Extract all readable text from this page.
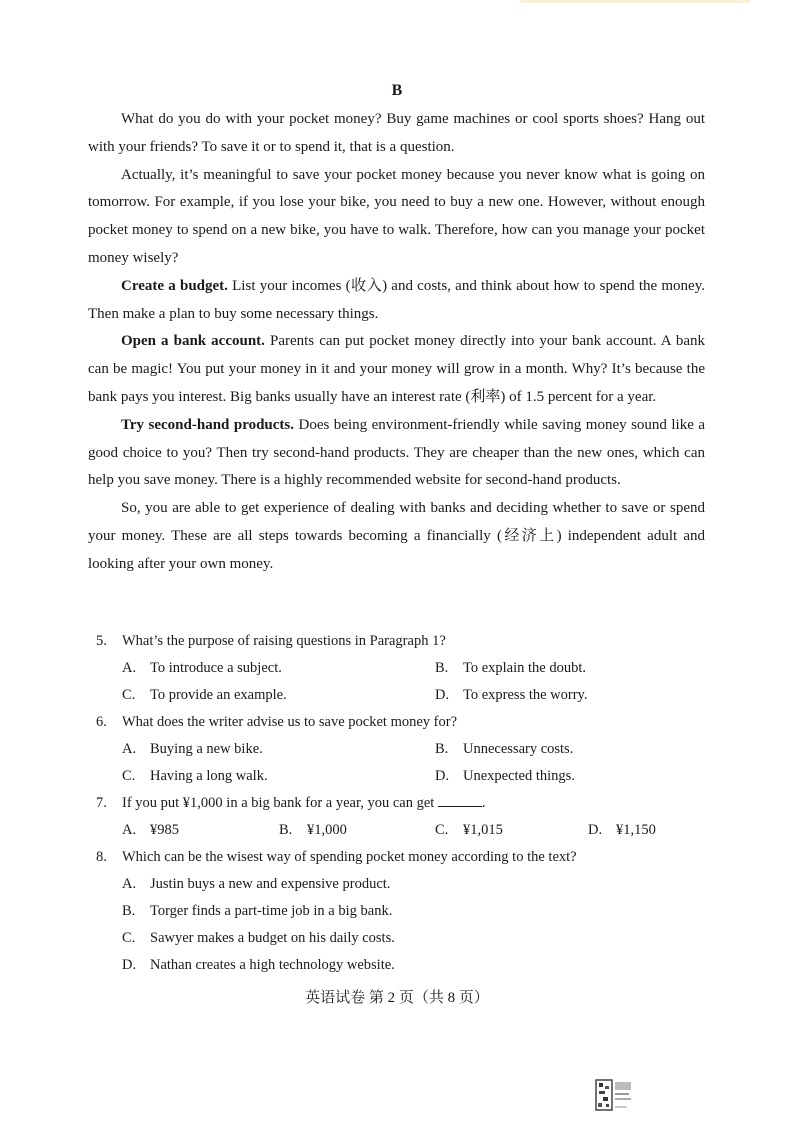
B

What do you do with your pocket money? Buy game machines or cool sports shoes? Hang out with your friends? To save it or to spend it, that is a question.

Actually, it’s meaningful to save your pocket money because you never know what is going on tomorrow. For example, if you lose your bike, you need to buy a new one. However, without enough pocket money to spend on a new bike, you have to walk. Therefore, how can you manage your pocket money wisely?

Create a budget. List your incomes (收入) and costs, and think about how to spend the money. Then make a plan to buy some necessary things.

Open a bank account. Parents can put pocket money directly into your bank account. A bank can be magic! You put your money in it and your money will grow in a month. Why? It’s because the bank pays you interest. Big banks usually have an interest rate (利率) of 1.5 percent for a year.

Try second-hand products. Does being environment-friendly while saving money sound like a good choice to you? Then try second-hand products. They are cheaper than the new ones, which can help you save money. There is a highly recommended website for second-hand products.

So, you are able to get experience of dealing with banks and deciding whether to save or spend your money. These are all steps towards becoming a financially (经济上) independent adult and looking after your own money.

5.	What’s the purpose of raising questions in Paragraph 1?
A. To introduce a subject.	B. To explain the doubt.
C. To provide an example.	D. To express the worry.
6.	What does the writer advise us to save pocket money for?
A. Buying a new bike.	B. Unnecessary costs.
C. Having a long walk.	D. Unexpected things.
7.	If you put ¥1,000 in a big bank for a year, you can get	.
A. ¥985	B. ¥1,000	C. ¥1,015	D. ¥1,150
8.	Which can be the wisest way of spending pocket money according to the text?
A. Justin buys a new and expensive product.
B. Torger finds a part-time job in a big bank.
C. Sawyer makes a budget on his daily costs.
D. Nathan creates a high technology website.
英语试卷 第 2 页（共 8 页）
